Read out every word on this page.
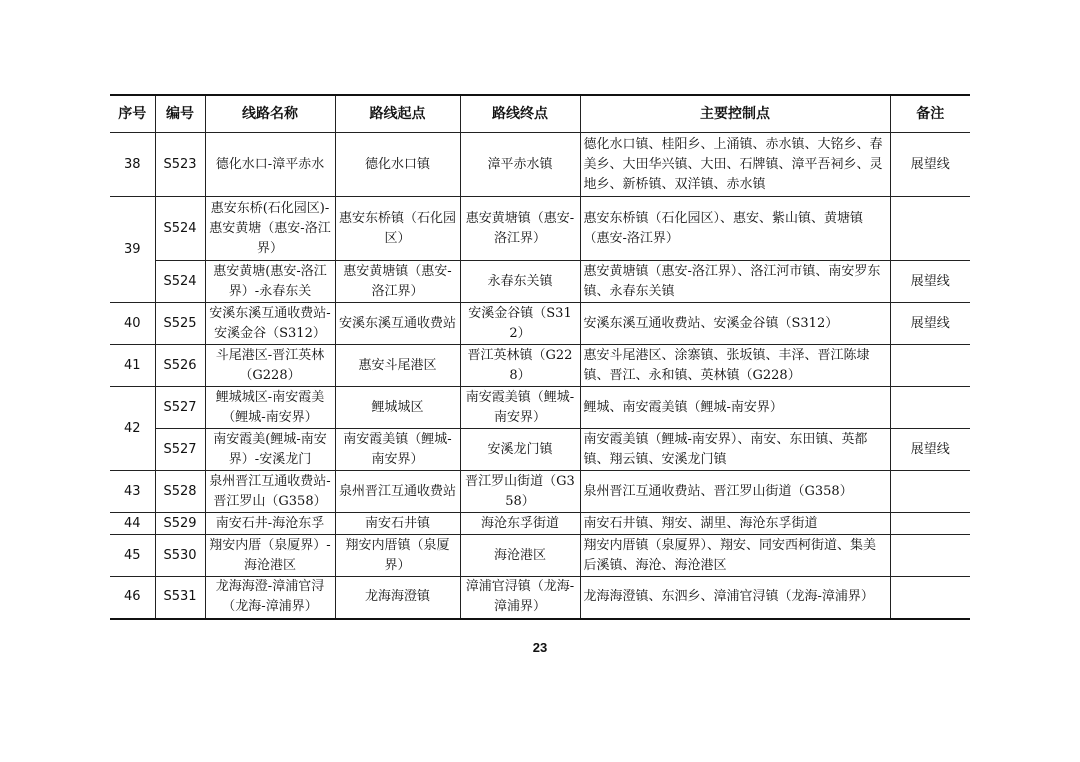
序号	编号	线路名称	路线起点	路线终点	主要控制点	备注
38	S523	德化水口-漳平赤水	德化水口镇	漳平赤水镇	德化水口镇、桂阳乡、上涌镇、赤水镇、大铭乡、春美乡、大田华兴镇、大田、石牌镇、漳平吾祠乡、灵地乡、新桥镇、双洋镇、赤水镇	展望线
39	S524	惠安东桥(石化园区)-惠安黄塘（惠安-洛江界）	惠安东桥镇（石化园区）	惠安黄塘镇（惠安-洛江界）	惠安东桥镇（石化园区）、惠安、紫山镇、黄塘镇（惠安-洛江界）	
	S524	惠安黄塘(惠安-洛江界）-永春东关	惠安黄塘镇（惠安-洛江界）	永春东关镇	惠安黄塘镇（惠安-洛江界）、洛江河市镇、南安罗东镇、永春东关镇	展望线
40	S525	安溪东溪互通收费站-安溪金谷（S312）	安溪东溪互通收费站	安溪金谷镇（S312）	安溪东溪互通收费站、安溪金谷镇（S312）	展望线
41	S526	斗尾港区-晋江英林（G228）	惠安斗尾港区	晋江英林镇（G228）	惠安斗尾港区、涂寨镇、张坂镇、丰泽、晋江陈埭镇、晋江、永和镇、英林镇（G228）	
42	S527	鲤城城区-南安霞美（鲤城-南安界）	鲤城城区	南安霞美镇（鲤城-南安界）	鲤城、南安霞美镇（鲤城-南安界）	
	S527	南安霞美(鲤城-南安界）-安溪龙门	南安霞美镇（鲤城-南安界）	安溪龙门镇	南安霞美镇（鲤城-南安界）、南安、东田镇、英都镇、翔云镇、安溪龙门镇	展望线
43	S528	泉州晋江互通收费站-晋江罗山（G358）	泉州晋江互通收费站	晋江罗山街道（G358）	泉州晋江互通收费站、晋江罗山街道（G358）	
44	S529	南安石井-海沧东孚	南安石井镇	海沧东孚街道	南安石井镇、翔安、湖里、海沧东孚街道	
45	S530	翔安内厝（泉厦界）-海沧港区	翔安内厝镇（泉厦界）	海沧港区	翔安内厝镇（泉厦界）、翔安、同安西柯街道、集美后溪镇、海沧、海沧港区	
46	S531	龙海海澄-漳浦官浔（龙海-漳浦界）	龙海海澄镇	漳浦官浔镇（龙海-漳浦界）	龙海海澄镇、东泗乡、漳浦官浔镇（龙海-漳浦界）	
23
